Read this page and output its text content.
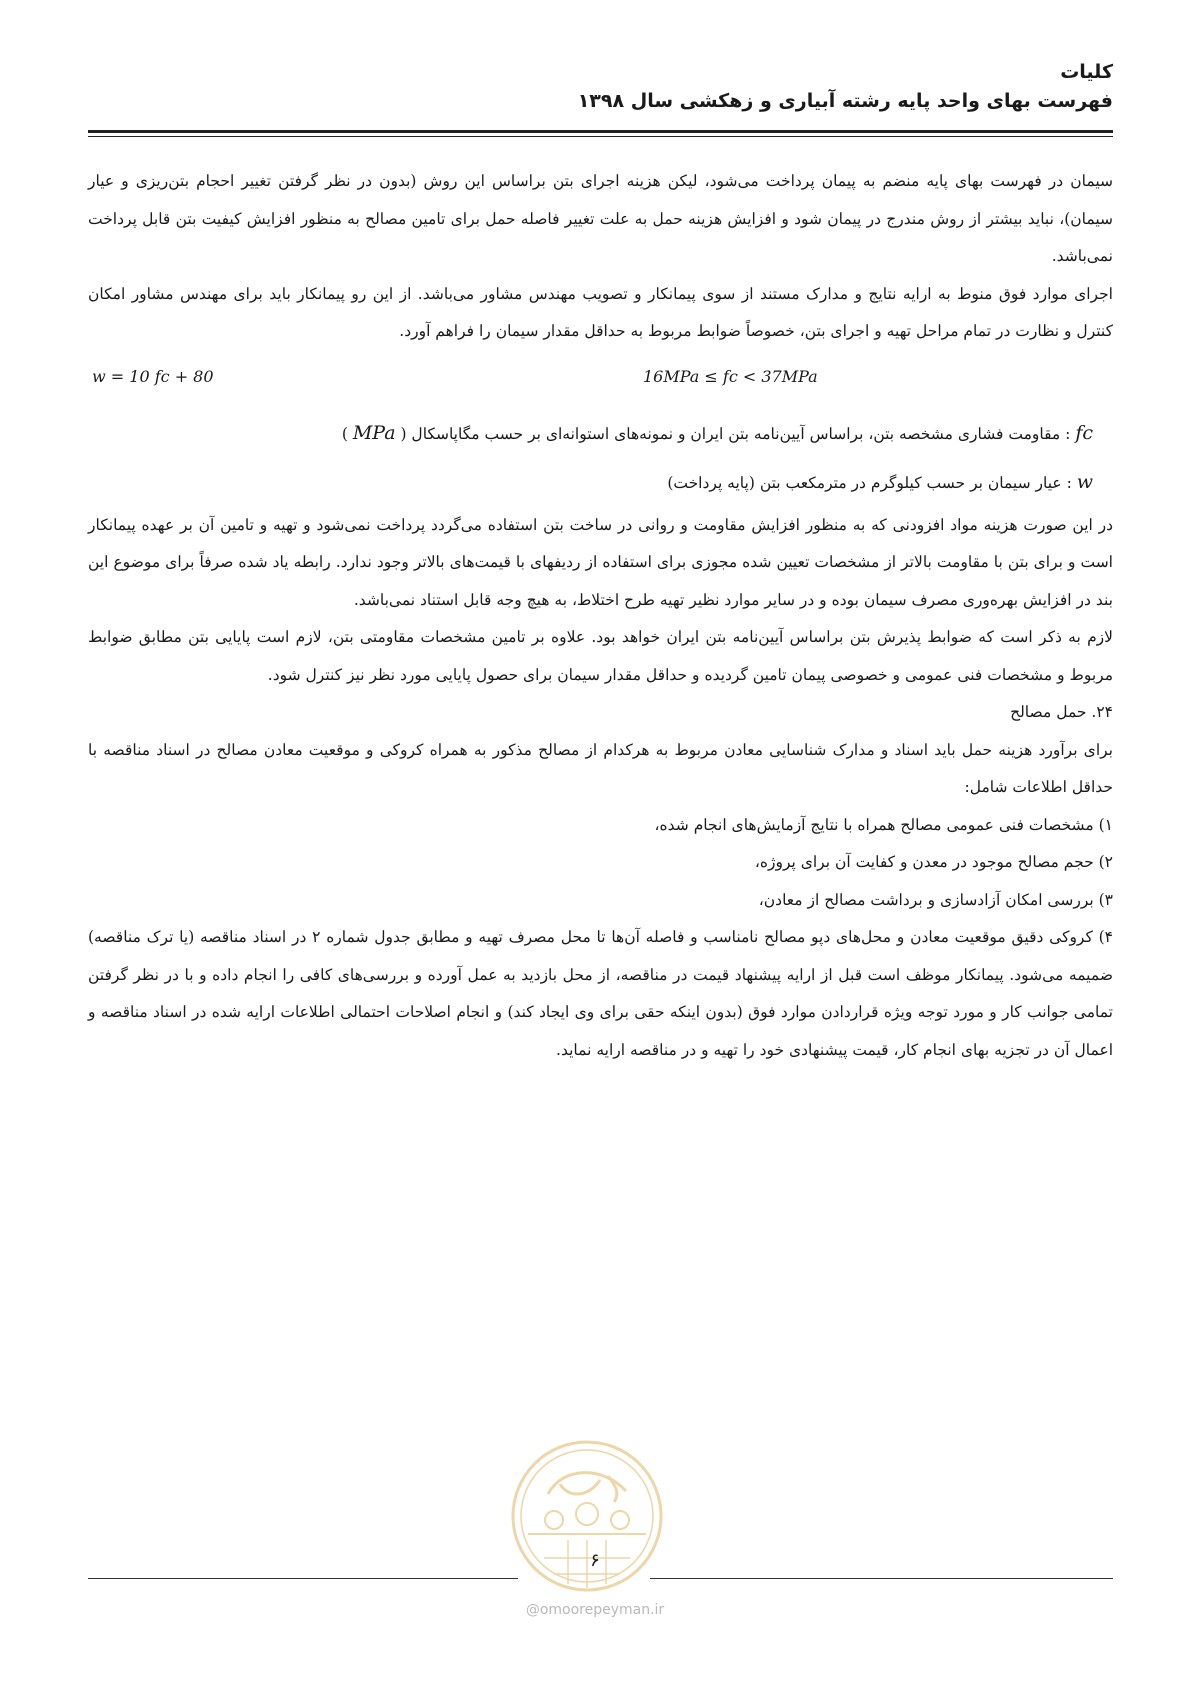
کلیات
فهرست بهای واحد پایه رشته آبیاری و زهکشی سال ۱۳۹۸

سیمان در فهرست بهای پایه منضم به پیمان پرداخت می‌شود، لیکن هزینه اجرای بتن براساس این روش (بدون در نظر گرفتن تغییر احجام بتن‌ریزی و عیار سیمان)، نباید بیشتر از روش مندرج در پیمان شود و افزایش هزینه حمل به علت تغییر فاصله حمل برای تامین مصالح به منظور افزایش کیفیت بتن قابل پرداخت نمی‌باشد.

اجرای موارد فوق منوط به ارایه نتایج و مدارک مستند از سوی پیمانکار و تصویب مهندس مشاور می‌باشد. از این رو پیمانکار باید برای مهندس مشاور امکان کنترل و نظارت در تمام مراحل تهیه و اجرای بتن، خصوصاً ضوابط مربوط به حداقل مقدار سیمان را فراهم آورد.

w = 10 fc + 80	16MPa ≤ fc < 37MPa

fc : مقاومت فشاری مشخصه بتن، براساس آیین‌نامه بتن ایران و نمونه‌های استوانه‌ای بر حسب مگاپاسکال ( MPa )

w : عیار سیمان بر حسب کیلوگرم در مترمکعب بتن (پایه پرداخت)

در این صورت هزینه مواد افزودنی که به منظور افزایش مقاومت و روانی در ساخت بتن استفاده می‌گردد پرداخت نمی‌شود و تهیه و تامین آن بر عهده پیمانکار است و برای بتن با مقاومت بالاتر از مشخصات تعیین شده مجوزی برای استفاده از ردیفهای با قیمت‌های بالاتر وجود ندارد. رابطه یاد شده صرفاً برای موضوع این بند در افزایش بهره‌وری مصرف سیمان بوده و در سایر موارد نظیر تهیه طرح اختلاط، به هیچ وجه قابل استناد نمی‌باشد.

لازم به ذکر است که ضوابط پذیرش بتن براساس آیین‌نامه بتن ایران خواهد بود. علاوه بر تامین مشخصات مقاومتی بتن، لازم است پایایی بتن مطابق ضوابط مربوط و مشخصات فنی عمومی و خصوصی پیمان تامین گردیده و حداقل مقدار سیمان برای حصول پایایی مورد نظر نیز کنترل شود.

۲۴. حمل مصالح

برای برآورد هزینه حمل باید اسناد و مدارک شناسایی معادن مربوط به هرکدام از مصالح مذکور به همراه کروکی و موقعیت معادن مصالح در اسناد مناقصه با حداقل اطلاعات شامل:

۱) مشخصات فنی عمومی مصالح همراه با نتایج آزمایش‌های انجام شده،

۲) حجم مصالح موجود در معدن و کفایت آن برای پروژه،

۳) بررسی امکان آزادسازی و برداشت مصالح از معادن،

۴) کروکی دقیق موقعیت معادن و محل‌های دپو مصالح نامناسب و فاصله آن‌ها تا محل مصرف تهیه و مطابق جدول شماره ۲ در اسناد مناقصه (یا ترک مناقصه) ضمیمه می‌شود. پیمانکار موظف است قبل از ارایه پیشنهاد قیمت در مناقصه، از محل بازدید به عمل آورده و بررسی‌های کافی را انجام داده و با در نظر گرفتن تمامی جوانب کار و مورد توجه ویژه قراردادن موارد فوق (بدون اینکه حقی برای وی ایجاد کند) و انجام اصلاحات احتمالی اطلاعات ارایه شده در اسناد مناقصه و اعمال آن در تجزیه بهای انجام کار، قیمت پیشنهادی خود را تهیه و در مناقصه ارایه نماید.

۶
@omoorepeyman.ir
